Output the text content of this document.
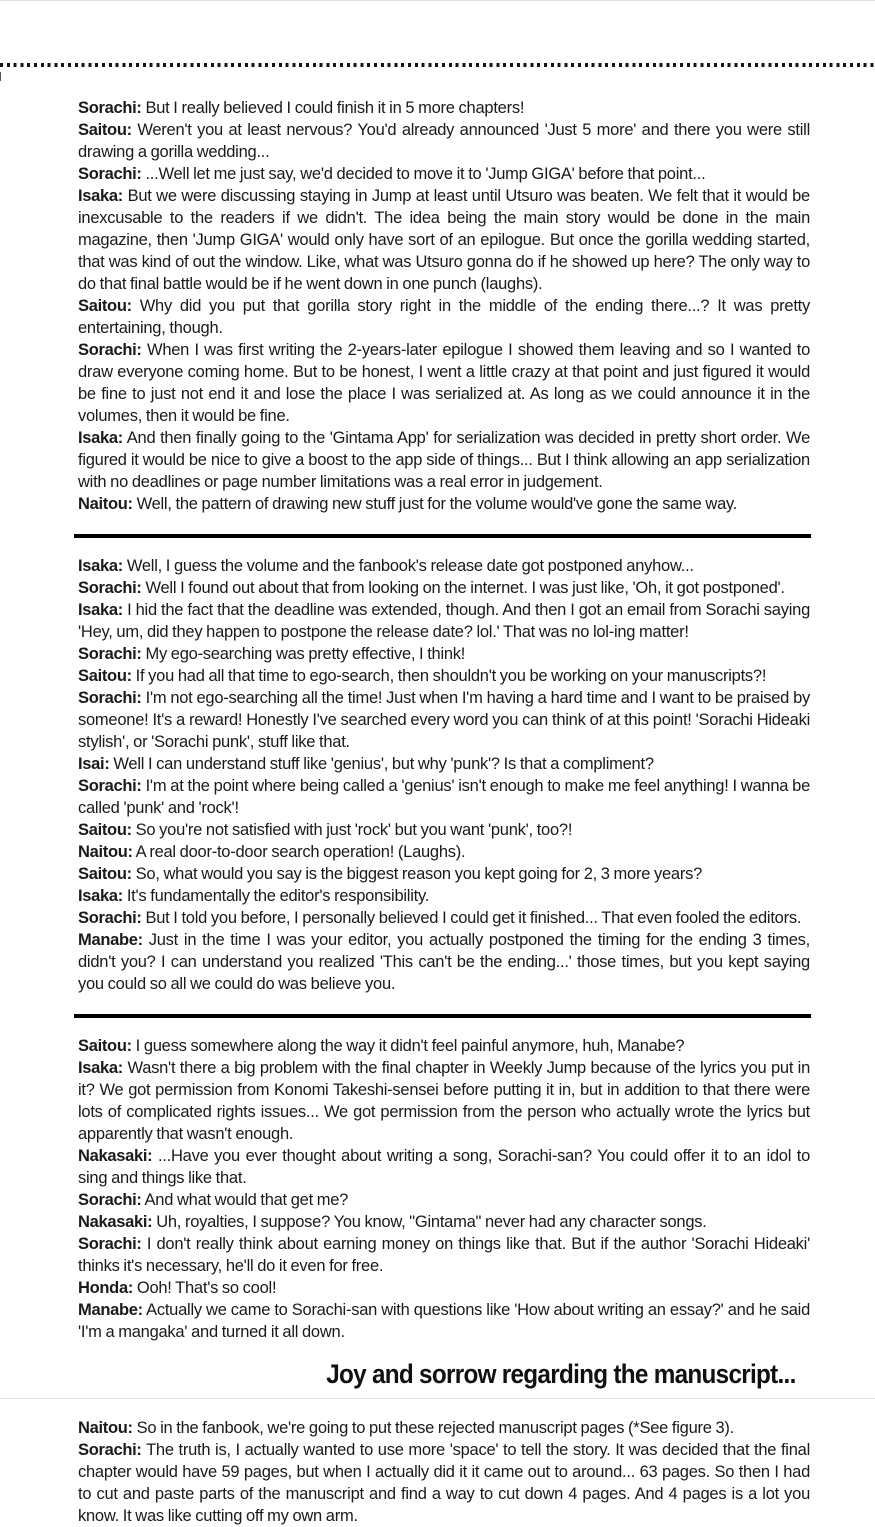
Sorachi: But I really believed I could finish it in 5 more chapters!

Saitou: Weren't you at least nervous? You'd already announced 'Just 5 more' and there you were still drawing a gorilla wedding...

Sorachi: ...Well let me just say, we'd decided to move it to 'Jump GIGA' before that point...

Isaka: But we were discussing staying in Jump at least until Utsuro was beaten. We felt that it would be inexcusable to the readers if we didn't. The idea being the main story would be done in the main magazine, then 'Jump GIGA' would only have sort of an epilogue. But once the gorilla wedding started, that was kind of out the window. Like, what was Utsuro gonna do if he showed up here? The only way to do that final battle would be if he went down in one punch (laughs).

Saitou: Why did you put that gorilla story right in the middle of the ending there...? It was pretty entertaining, though.

Sorachi: When I was first writing the 2-years-later epilogue I showed them leaving and so I wanted to draw everyone coming home. But to be honest, I went a little crazy at that point and just figured it would be fine to just not end it and lose the place I was serialized at. As long as we could announce it in the volumes, then it would be fine.

Isaka: And then finally going to the 'Gintama App' for serialization was decided in pretty short order. We figured it would be nice to give a boost to the app side of things... But I think allowing an app serialization with no deadlines or page number limitations was a real error in judgement.

Naitou: Well, the pattern of drawing new stuff just for the volume would've gone the same way.

Isaka: Well, I guess the volume and the fanbook's release date got postponed anyhow...

Sorachi: Well I found out about that from looking on the internet. I was just like, 'Oh, it got postponed'.

Isaka: I hid the fact that the deadline was extended, though. And then I got an email from Sorachi saying 'Hey, um, did they happen to postpone the release date? lol.' That was no lol-ing matter!

Sorachi: My ego-searching was pretty effective, I think!

Saitou: If you had all that time to ego-search, then shouldn't you be working on your manuscripts?!

Sorachi: I'm not ego-searching all the time! Just when I'm having a hard time and I want to be praised by someone! It's a reward! Honestly I've searched every word you can think of at this point! 'Sorachi Hideaki stylish', or 'Sorachi punk', stuff like that.

Isai: Well I can understand stuff like 'genius', but why 'punk'? Is that a compliment?

Sorachi: I'm at the point where being called a 'genius' isn't enough to make me feel anything! I wanna be called 'punk' and 'rock'!

Saitou: So you're not satisfied with just 'rock' but you want 'punk', too?!

Naitou: A real door-to-door search operation! (Laughs).

Saitou: So, what would you say is the biggest reason you kept going for 2, 3 more years?

Isaka: It's fundamentally the editor's responsibility.

Sorachi: But I told you before, I personally believed I could get it finished... That even fooled the editors.

Manabe: Just in the time I was your editor, you actually postponed the timing for the ending 3 times, didn't you? I can understand you realized 'This can't be the ending...' those times, but you kept saying you could so all we could do was believe you.

Saitou: I guess somewhere along the way it didn't feel painful anymore, huh, Manabe?

Isaka: Wasn't there a big problem with the final chapter in Weekly Jump because of the lyrics you put in it? We got permission from Konomi Takeshi-sensei before putting it in, but in addition to that there were lots of complicated rights issues... We got permission from the person who actually wrote the lyrics but apparently that wasn't enough.

Nakasaki: ...Have you ever thought about writing a song, Sorachi-san? You could offer it to an idol to sing and things like that.

Sorachi: And what would that get me?

Nakasaki: Uh, royalties, I suppose? You know, "Gintama" never had any character songs.

Sorachi: I don't really think about earning money on things like that. But if the author 'Sorachi Hideaki' thinks it's necessary, he'll do it even for free.

Honda: Ooh! That's so cool!

Manabe: Actually we came to Sorachi-san with questions like 'How about writing an essay?' and he said 'I'm a mangaka' and turned it all down.

Joy and sorrow regarding the manuscript...

Naitou: So in the fanbook, we're going to put these rejected manuscript pages (*See figure 3).

Sorachi: The truth is, I actually wanted to use more 'space' to tell the story. It was decided that the final chapter would have 59 pages, but when I actually did it it came out to around... 63 pages. So then I had to cut and paste parts of the manuscript and find a way to cut down 4 pages. And 4 pages is a lot you know. It was like cutting off my own arm.
